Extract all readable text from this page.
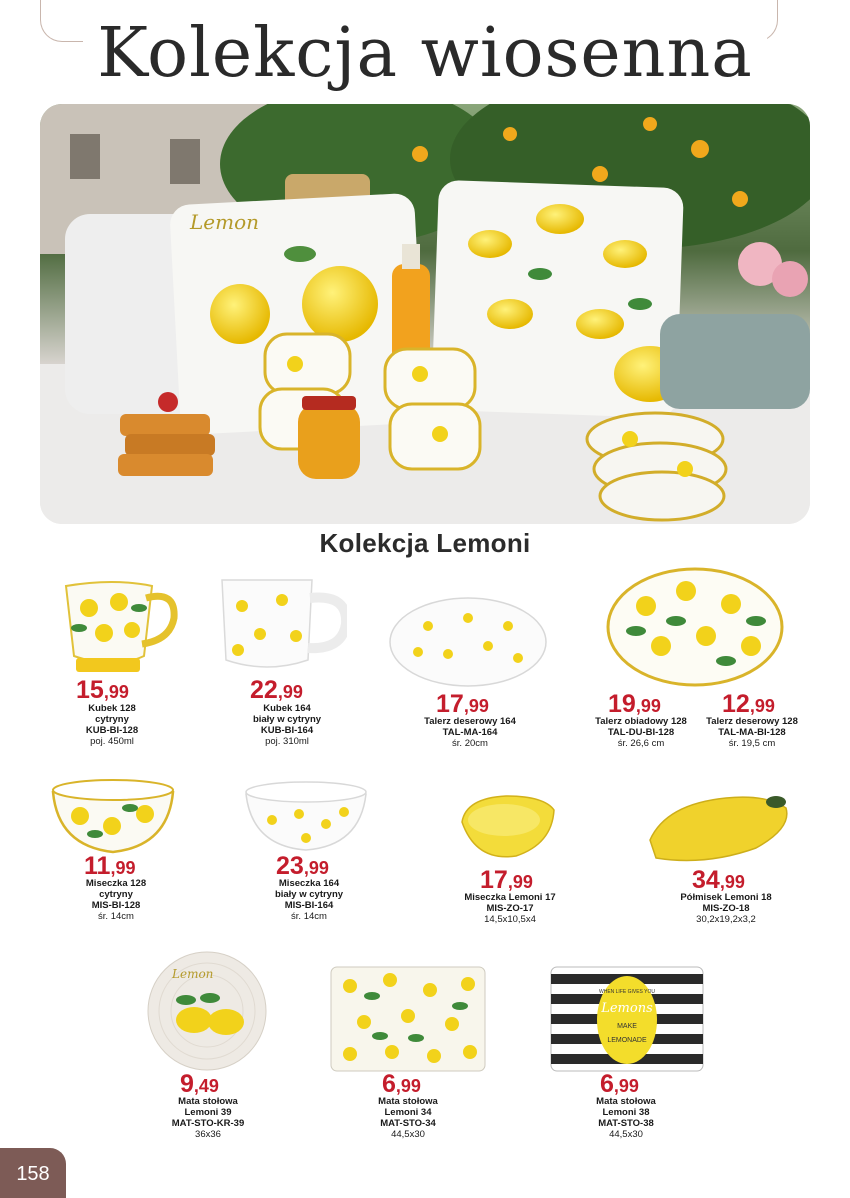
Kolekcja wiosenna
Lemon
Kolekcja Lemoni
15,99
Kubek 128
cytryny
KUB-BI-128
poj. 450ml
22,99
Kubek 164
biały w cytryny
KUB-BI-164
poj. 310ml
17,99
Talerz deserowy 164
TAL-MA-164
śr. 20cm
19,99
Talerz obiadowy 128
TAL-DU-BI-128
śr. 26,6 cm
12,99
Talerz deserowy 128
TAL-MA-BI-128
śr. 19,5 cm
11,99
Miseczka 128
cytryny
MIS-BI-128
śr. 14cm
23,99
Miseczka 164
biały w cytryny
MIS-BI-164
śr. 14cm
17,99
Miseczka Lemoni 17
MIS-ZO-17
14,5x10,5x4
34,99
Półmisek Lemoni 18
MIS-ZO-18
30,2x19,2x3,2
Lemon
WHEN LIFE GIVES YOU
Lemons
MAKE
LEMONADE
9,49
Mata stołowa
Lemoni 39
MAT-STO-KR-39
36x36
6,99
Mata stołowa
Lemoni 34
MAT-STO-34
44,5x30
6,99
Mata stołowa
Lemoni 38
MAT-STO-38
44,5x30
158
